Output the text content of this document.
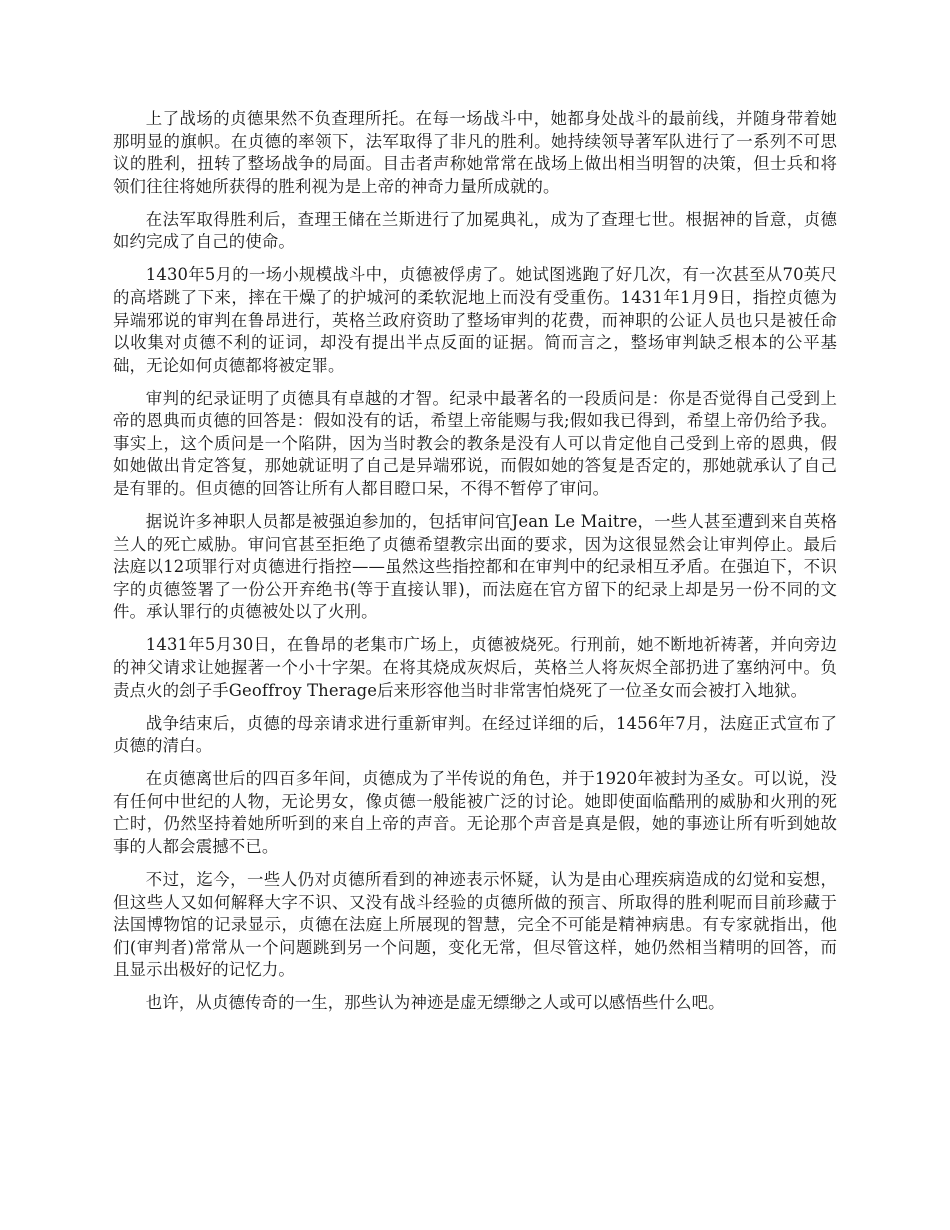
上了战场的贞德果然不负查理所托。在每一场战斗中，她都身处战斗的最前线，并随身带着她那明显的旗帜。在贞德的率领下，法军取得了非凡的胜利。她持续领导著军队进行了一系列不可思议的胜利，扭转了整场战争的局面。目击者声称她常常在战场上做出相当明智的决策，但士兵和将领们往往将她所获得的胜利视为是上帝的神奇力量所成就的。

在法军取得胜利后，查理王储在兰斯进行了加冕典礼，成为了查理七世。根据神的旨意，贞德如约完成了自己的使命。

1430年5月的一场小规模战斗中，贞德被俘虏了。她试图逃跑了好几次，有一次甚至从70英尺的高塔跳了下来，摔在干燥了的护城河的柔软泥地上而没有受重伤。1431年1月9日，指控贞德为异端邪说的审判在鲁昂进行，英格兰政府资助了整场审判的花费，而神职的公证人员也只是被任命以收集对贞德不利的证词，却没有提出半点反面的证据。简而言之，整场审判缺乏根本的公平基础，无论如何贞德都将被定罪。

审判的纪录证明了贞德具有卓越的才智。纪录中最著名的一段质问是：你是否觉得自己受到上帝的恩典而贞德的回答是：假如没有的话，希望上帝能赐与我;假如我已得到，希望上帝仍给予我。事实上，这个质问是一个陷阱，因为当时教会的教条是没有人可以肯定他自己受到上帝的恩典，假如她做出肯定答复，那她就证明了自己是异端邪说，而假如她的答复是否定的，那她就承认了自己是有罪的。但贞德的回答让所有人都目瞪口呆，不得不暂停了审问。

据说许多神职人员都是被强迫参加的，包括审问官Jean Le Maitre，一些人甚至遭到来自英格兰人的死亡威胁。审问官甚至拒绝了贞德希望教宗出面的要求，因为这很显然会让审判停止。最后法庭以12项罪行对贞德进行指控——虽然这些指控都和在审判中的纪录相互矛盾。在强迫下，不识字的贞德签署了一份公开弃绝书(等于直接认罪)，而法庭在官方留下的纪录上却是另一份不同的文件。承认罪行的贞德被处以了火刑。

1431年5月30日，在鲁昂的老集市广场上，贞德被烧死。行刑前，她不断地祈祷著，并向旁边的神父请求让她握著一个小十字架。在将其烧成灰烬后，英格兰人将灰烬全部扔进了塞纳河中。负责点火的刽子手Geoffroy Therage后来形容他当时非常害怕烧死了一位圣女而会被打入地狱。

战争结束后，贞德的母亲请求进行重新审判。在经过详细的后，1456年7月，法庭正式宣布了贞德的清白。

在贞德离世后的四百多年间，贞德成为了半传说的角色，并于1920年被封为圣女。可以说，没有任何中世纪的人物，无论男女，像贞德一般能被广泛的讨论。她即使面临酷刑的威胁和火刑的死亡时，仍然坚持着她所听到的来自上帝的声音。无论那个声音是真是假，她的事迹让所有听到她故事的人都会震撼不已。

不过，迄今，一些人仍对贞德所看到的神迹表示怀疑，认为是由心理疾病造成的幻觉和妄想，但这些人又如何解释大字不识、又没有战斗经验的贞德所做的预言、所取得的胜利呢而目前珍藏于法国博物馆的记录显示，贞德在法庭上所展现的智慧，完全不可能是精神病患。有专家就指出，他们(审判者)常常从一个问题跳到另一个问题，变化无常，但尽管这样，她仍然相当精明的回答，而且显示出极好的记忆力。

也许，从贞德传奇的一生，那些认为神迹是虚无缥缈之人或可以感悟些什么吧。
